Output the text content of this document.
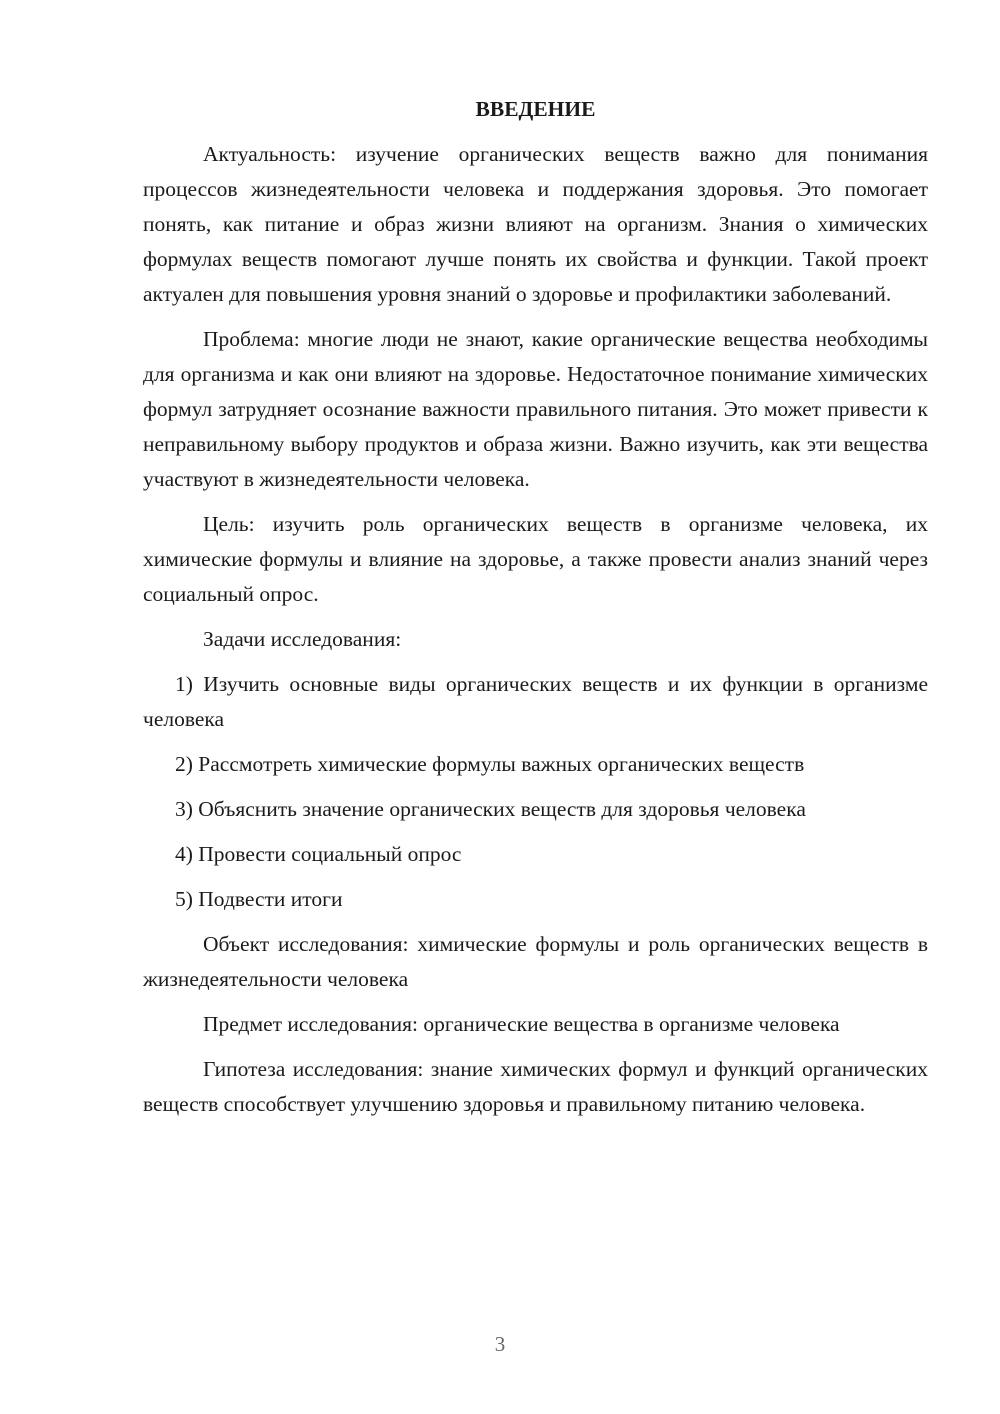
ВВЕДЕНИЕ

Актуальность: изучение органических веществ важно для понимания процессов жизнедеятельности человека и поддержания здоровья. Это помогает понять, как питание и образ жизни влияют на организм. Знания о химических формулах веществ помогают лучше понять их свойства и функции. Такой проект актуален для повышения уровня знаний о здоровье и профилактики заболеваний.

Проблема: многие люди не знают, какие органические вещества необходимы для организма и как они влияют на здоровье. Недостаточное понимание химических формул затрудняет осознание важности правильного питания. Это может привести к неправильному выбору продуктов и образа жизни. Важно изучить, как эти вещества участвуют в жизнедеятельности человека.

Цель: изучить роль органических веществ в организме человека, их химические формулы и влияние на здоровье, а также провести анализ знаний через социальный опрос.

Задачи исследования:

1) Изучить основные виды органических веществ и их функции в организме человека

2) Рассмотреть химические формулы важных органических веществ

3) Объяснить значение органических веществ для здоровья человека

4) Провести социальный опрос

5) Подвести итоги

Объект исследования: химические формулы и роль органических веществ в жизнедеятельности человека

Предмет исследования: органические вещества в организме человека

Гипотеза исследования: знание химических формул и функций органических веществ способствует улучшению здоровья и правильному питанию человека.

3
